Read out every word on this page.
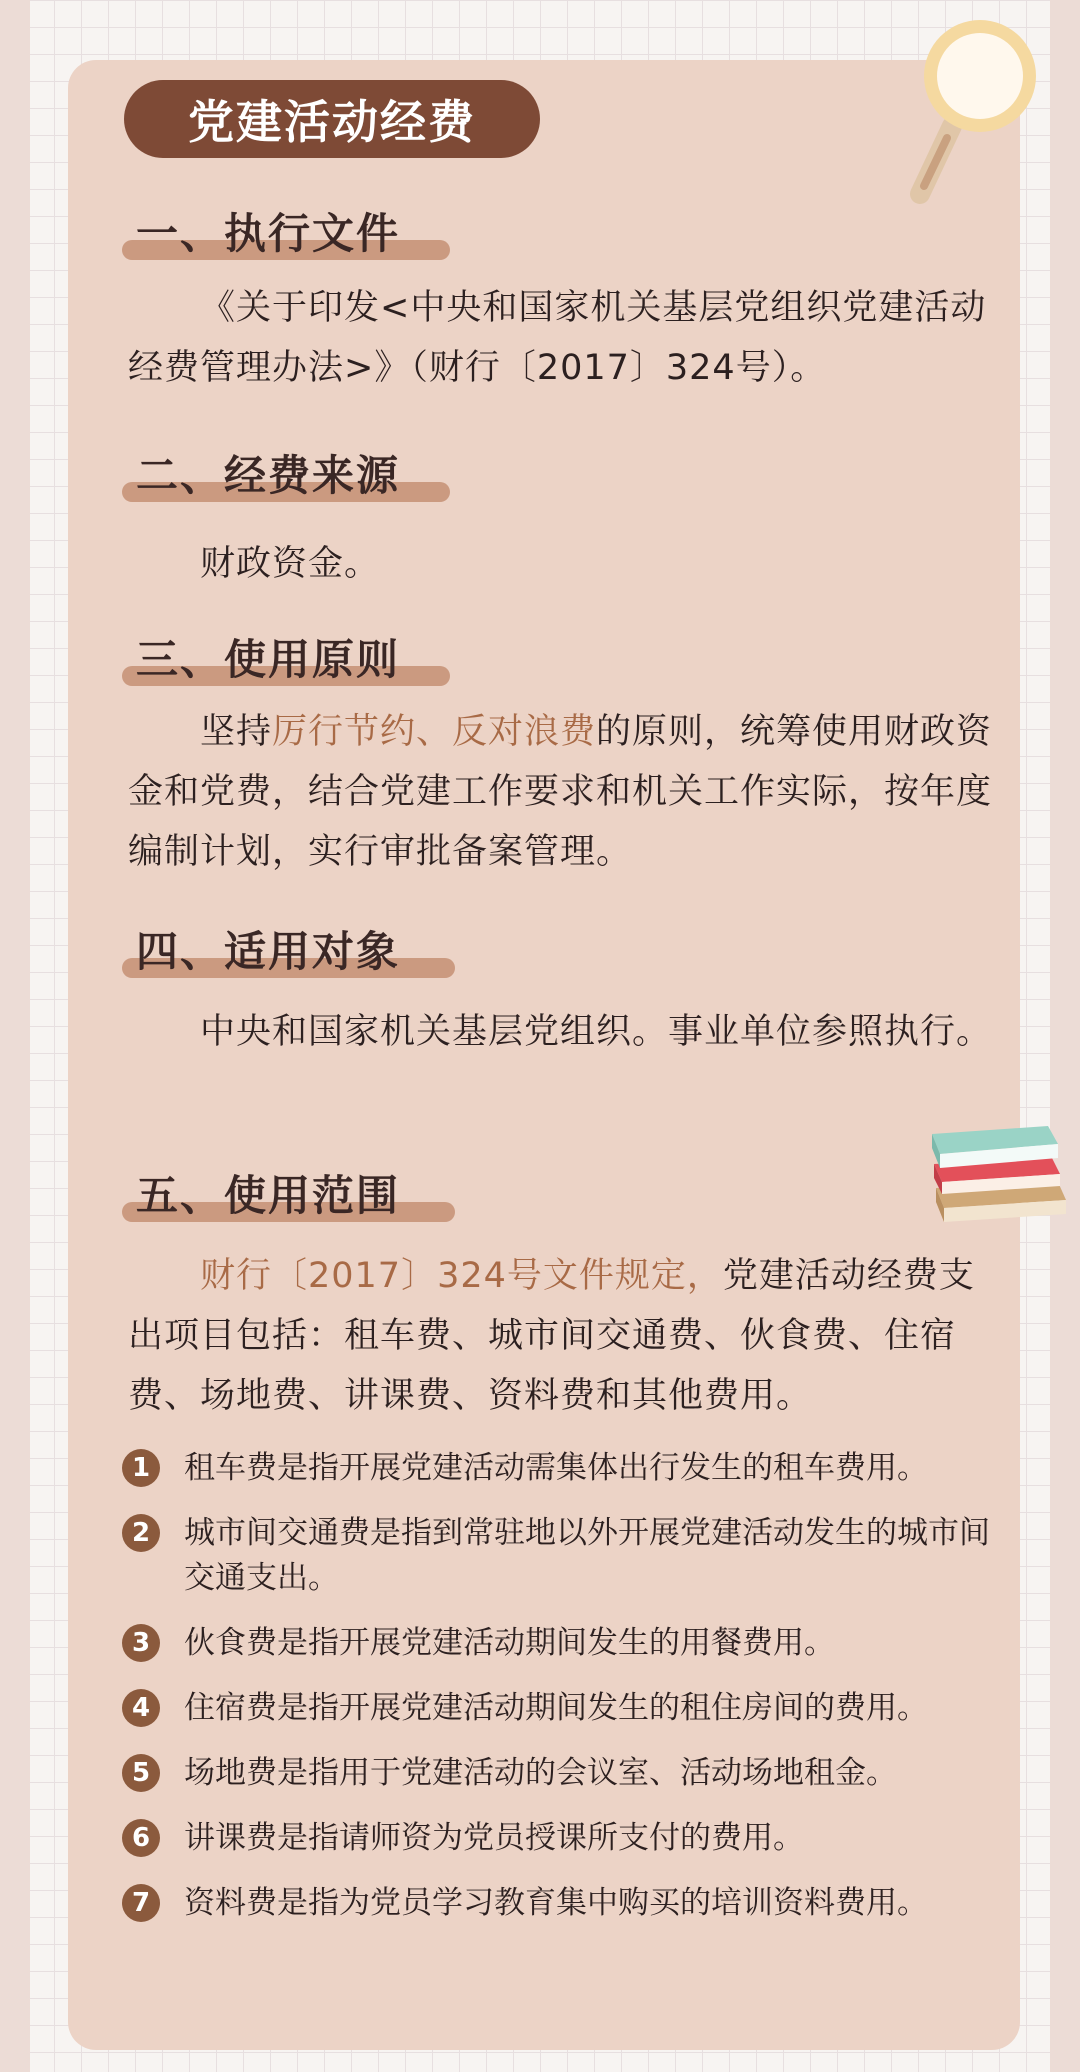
党建活动经费
一、执行文件
《关于印发<中央和国家机关基层党组织党建活动经费管理办法>》（财行〔2017〕324号）。
二、经费来源
财政资金。
三、使用原则
坚持厉行节约、反对浪费的原则，统筹使用财政资金和党费，结合党建工作要求和机关工作实际，按年度编制计划，实行审批备案管理。
四、适用对象
中央和国家机关基层党组织。事业单位参照执行。
五、使用范围
财行〔2017〕324号文件规定，党建活动经费支出项目包括：租车费、城市间交通费、伙食费、住宿费、场地费、讲课费、资料费和其他费用。
1	租车费是指开展党建活动需集体出行发生的租车费用。
2	城市间交通费是指到常驻地以外开展党建活动发生的城市间交通支出。
3	伙食费是指开展党建活动期间发生的用餐费用。
4	住宿费是指开展党建活动期间发生的租住房间的费用。
5	场地费是指用于党建活动的会议室、活动场地租金。
6	讲课费是指请师资为党员授课所支付的费用。
7	资料费是指为党员学习教育集中购买的培训资料费用。
